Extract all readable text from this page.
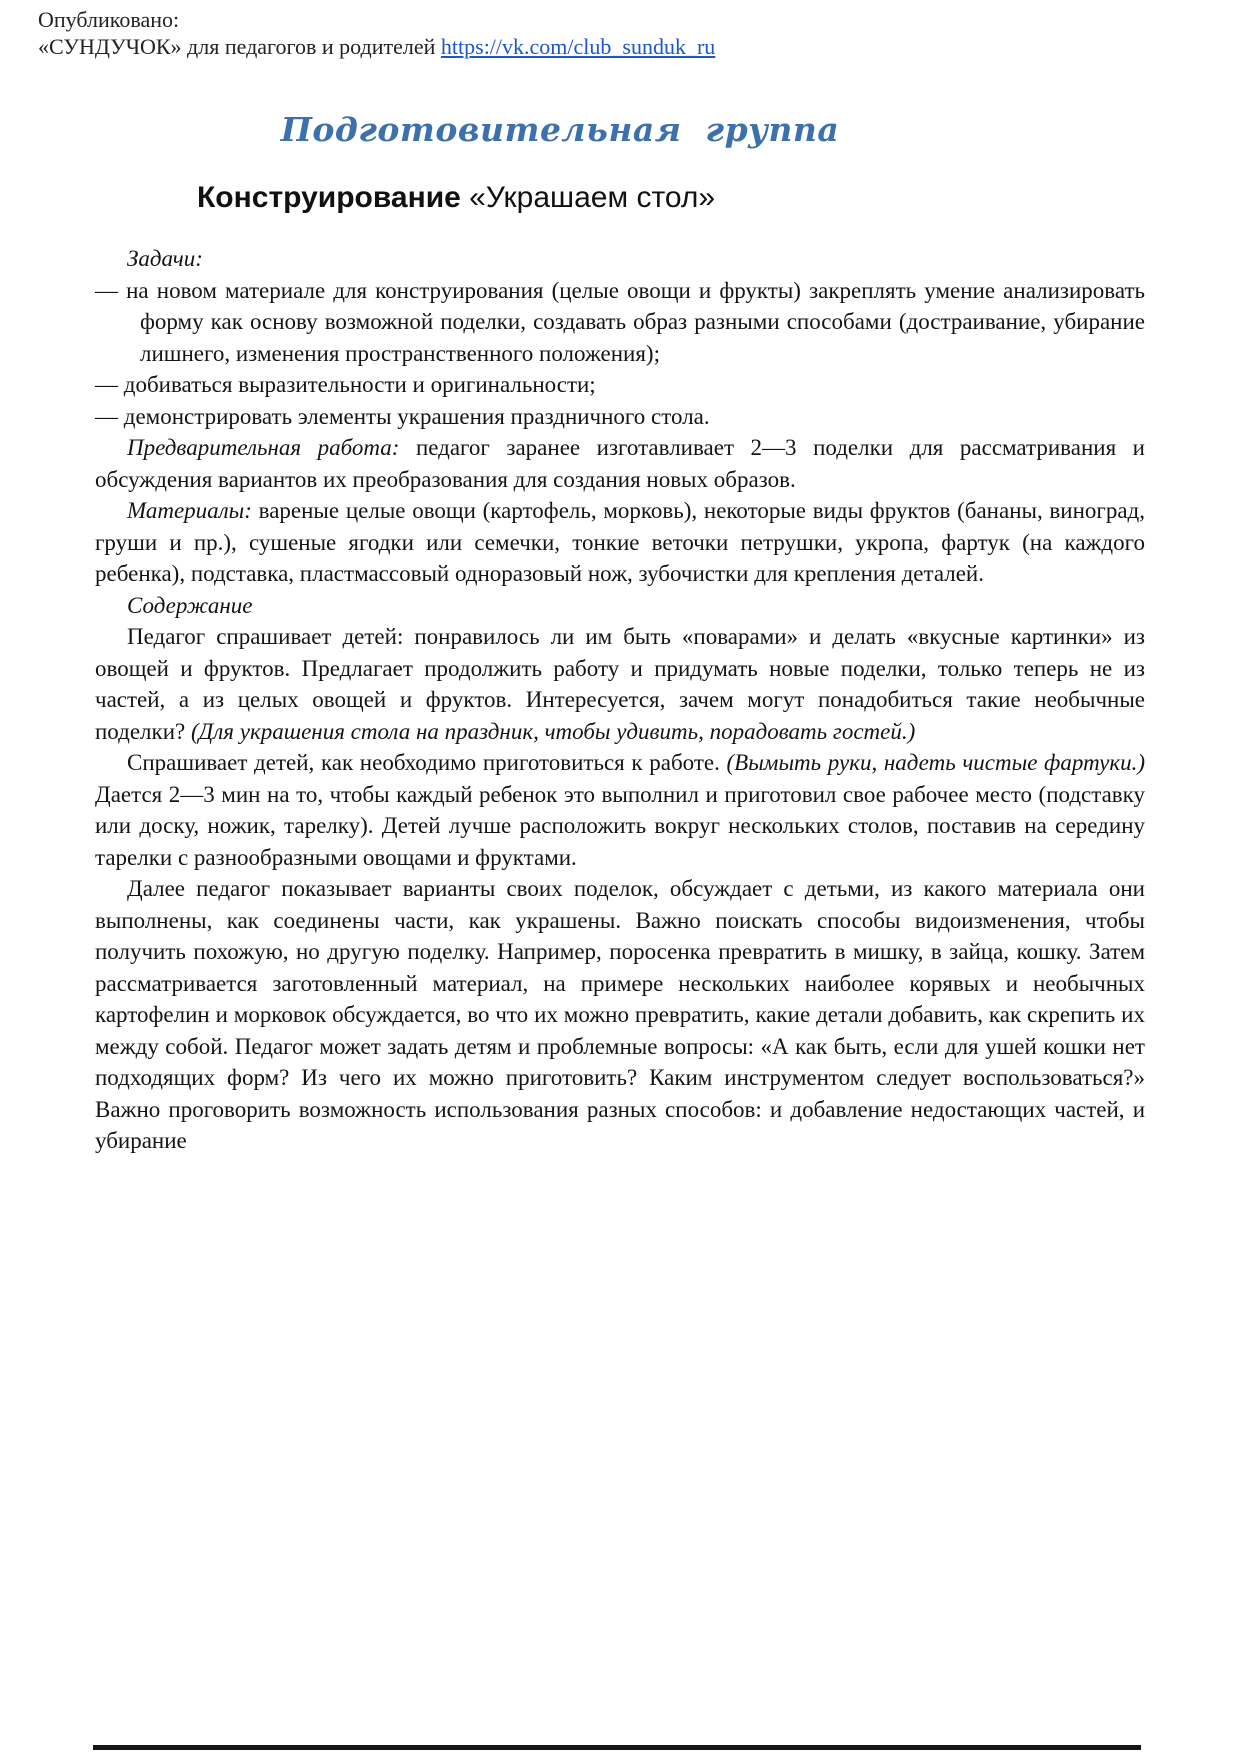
Опубликовано:
«СУНДУЧОК» для педагогов и родителей https://vk.com/club_sunduk_ru
Подготовительная  группа
Конструирование «Украшаем стол»

Задачи:

— на новом материале для конструирования (целые овощи и фрукты) закреплять умение анализировать форму как основу возможной поделки, создавать образ разными способами (достраивание, убирание лишнего, изменения пространственного положения);

— добиваться выразительности и оригинальности;

— демонстрировать элементы украшения праздничного стола.

Предварительная работа: педагог заранее изготавливает 2—3 поделки для рассматривания и обсуждения вариантов их преобразования для создания новых образов.

Материалы: вареные целые овощи (картофель, морковь), некоторые виды фруктов (бананы, виноград, груши и пр.), сушеные ягодки или семечки, тонкие веточки петрушки, укропа, фартук (на каждого ребенка), подставка, пластмассовый одноразовый нож, зубочистки для крепления деталей.

Содержание

Педагог спрашивает детей: понравилось ли им быть «поварами» и делать «вкусные картинки» из овощей и фруктов. Предлагает продолжить работу и придумать новые поделки, только теперь не из частей, а из целых овощей и фруктов. Интересуется, зачем могут понадобиться такие необычные поделки? (Для украшения стола на праздник, чтобы удивить, порадовать гостей.)

Спрашивает детей, как необходимо приготовиться к работе. (Вымыть руки, надеть чистые фартуки.) Дается 2—3 мин на то, чтобы каждый ребенок это выполнил и приготовил свое рабочее место (подставку или доску, ножик, тарелку). Детей лучше расположить вокруг нескольких столов, поставив на середину тарелки с разнообразными овощами и фруктами.

Далее педагог показывает варианты своих поделок, обсуждает с детьми, из какого материала они выполнены, как соединены части, как украшены. Важно поискать способы видоизменения, чтобы получить похожую, но другую поделку. Например, поросенка превратить в мишку, в зайца, кошку. Затем рассматривается заготовленный материал, на примере нескольких наиболее корявых и необычных картофелин и морковок обсуждается, во что их можно превратить, какие детали добавить, как скрепить их между собой. Педагог может задать детям и проблемные вопросы: «А как быть, если для ушей кошки нет подходящих форм? Из чего их можно приготовить? Каким инструментом следует воспользоваться?» Важно проговорить возможность использования разных способов: и добавление недостающих частей, и убирание
